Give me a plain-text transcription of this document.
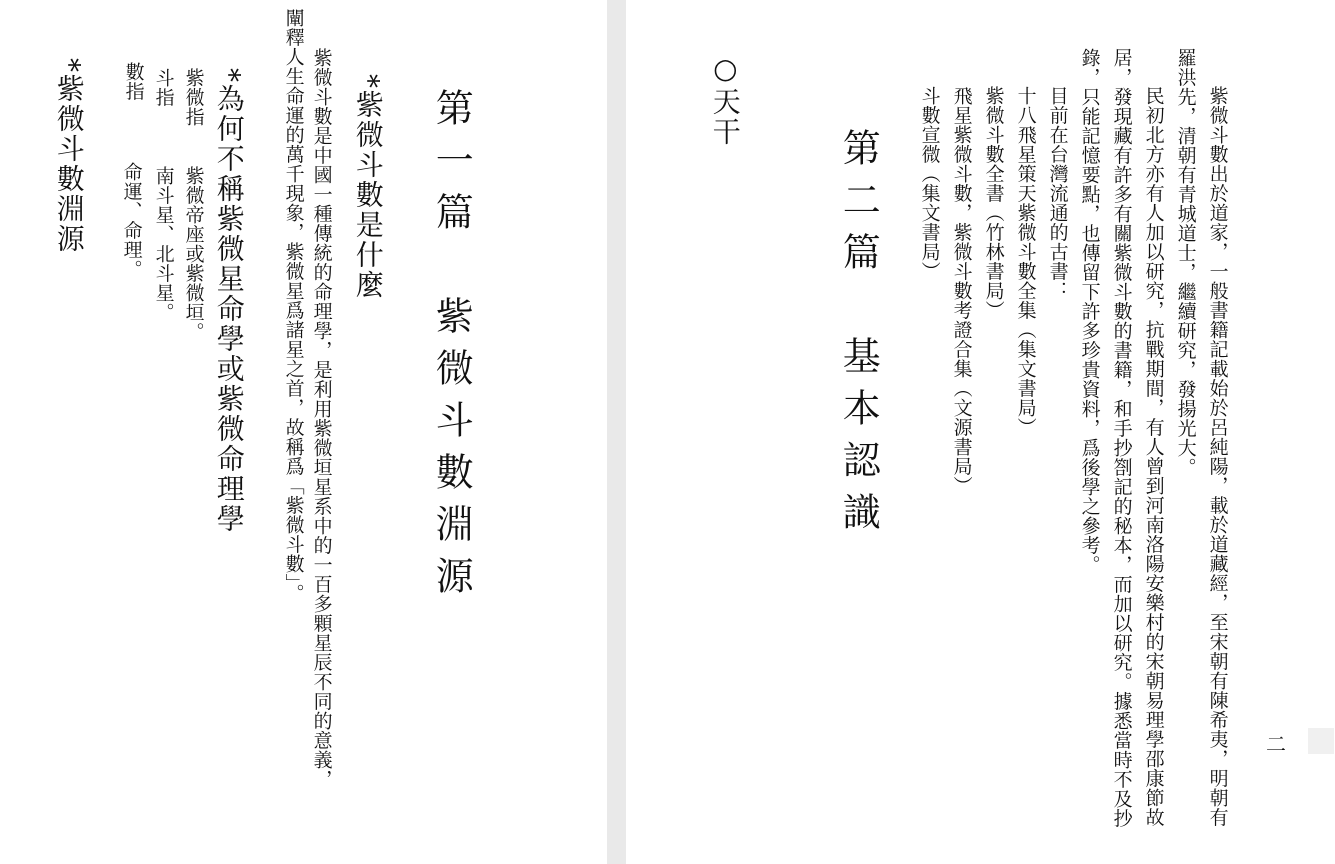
第一篇　紫微斗數淵源
*紫微斗數是什麼
紫微斗數是中國一種傳統的命理學，是利用紫微垣星系中的一百多顆星辰不同的意義，
闡釋人生命運的萬千現象，紫微星爲諸星之首，故稱爲「紫微斗數」。
*為何不稱紫微星命學或紫微命理學
紫微指
紫微帝座或紫微垣。
斗指
南斗星、北斗星。
數指
命運、命理。
*紫微斗數淵源	○天干
第二篇　基本認識 斗數宣微（集文書局） 飛星紫微斗數，紫微斗數考證合集（文源書局） 紫微斗數全書（竹林書局） 十八飛星策天紫微斗數全集（集文書局） 目前在台灣流通的古書： 錄，只能記憶要點，也傳留下許多珍貴資料，爲後學之參考。 居，發現藏有許多有關紫微斗數的書籍，和手抄劄記的秘本，而加以研究。據悉當時不及抄 民初北方亦有人加以研究，抗戰期間，有人曾到河南洛陽安樂村的宋朝易理學邵康節故 羅洪先，清朝有青城道士，繼續研究，發揚光大。 紫微斗數出於道家，一般書籍記載始於呂純陽，載於道藏經，至宋朝有陳希夷，明朝有 二
